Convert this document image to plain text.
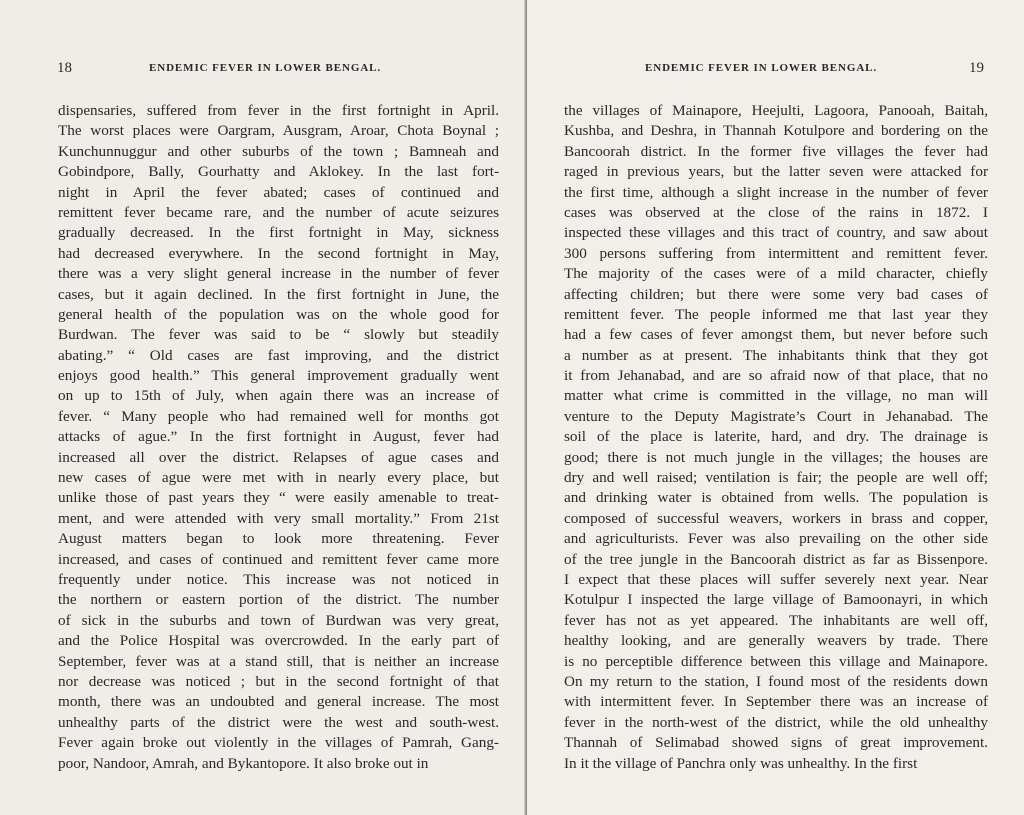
18	ENDEMIC FEVER IN LOWER BENGAL.
dispensaries, suffered from fever in the first fortnight in April.
The worst places were Oargram, Ausgram, Aroar, Chota Boynal ;
Kunchunnuggur and other suburbs of the town ; Bamneah and
Gobindpore, Bally, Gourhatty and Aklokey. In the last fort-
night in April the fever abated; cases of continued and
remittent fever became rare, and the number of acute seizures
gradually decreased. In the first fortnight in May, sickness
had decreased everywhere. In the second fortnight in May,
there was a very slight general increase in the number of fever
cases, but it again declined. In the first fortnight in June, the
general health of the population was on the whole good for
Burdwan. The fever was said to be “ slowly but steadily
abating.” “ Old cases are fast improving, and the district
enjoys good health.” This general improvement gradually went
on up to 15th of July, when again there was an increase of
fever. “ Many people who had remained well for months got
attacks of ague.” In the first fortnight in August, fever had
increased all over the district. Relapses of ague cases and
new cases of ague were met with in nearly every place, but
unlike those of past years they “ were easily amenable to treat-
ment, and were attended with very small mortality.” From 21st
August matters began to look more threatening. Fever
increased, and cases of continued and remittent fever came more
frequently under notice. This increase was not noticed in
the northern or eastern portion of the district. The number
of sick in the suburbs and town of Burdwan was very great,
and the Police Hospital was overcrowded. In the early part of
September, fever was at a stand still, that is neither an increase
nor decrease was noticed ; but in the second fortnight of that
month, there was an undoubted and general increase. The most
unhealthy parts of the district were the west and south-west.
Fever again broke out violently in the villages of Pamrah, Gang-
poor, Nandoor, Amrah, and Bykantopore. It also broke out in
ENDEMIC FEVER IN LOWER BENGAL.	19
the villages of Mainapore, Heejulti, Lagoora, Panooah, Baitah,
Kushba, and Deshra, in Thannah Kotulpore and bordering on the
Bancoorah district. In the former five villages the fever had
raged in previous years, but the latter seven were attacked for
the first time, although a slight increase in the number of fever
cases was observed at the close of the rains in 1872. I
inspected these villages and this tract of country, and saw about
300 persons suffering from intermittent and remittent fever.
The majority of the cases were of a mild character, chiefly
affecting children; but there were some very bad cases of
remittent fever. The people informed me that last year they
had a few cases of fever amongst them, but never before such
a number as at present. The inhabitants think that they got
it from Jehanabad, and are so afraid now of that place, that no
matter what crime is committed in the village, no man will
venture to the Deputy Magistrate’s Court in Jehanabad. The
soil of the place is laterite, hard, and dry. The drainage is
good; there is not much jungle in the villages; the houses are
dry and well raised; ventilation is fair; the people are well off;
and drinking water is obtained from wells. The population is
composed of successful weavers, workers in brass and copper,
and agriculturists. Fever was also prevailing on the other side
of the tree jungle in the Bancoorah district as far as Bissenpore.
I expect that these places will suffer severely next year. Near
Kotulpur I inspected the large village of Bamoonayri, in which
fever has not as yet appeared. The inhabitants are well off,
healthy looking, and are generally weavers by trade. There
is no perceptible difference between this village and Mainapore.
On my return to the station, I found most of the residents down
with intermittent fever. In September there was an increase of
fever in the north-west of the district, while the old unhealthy
Thannah of Selimabad showed signs of great improvement.
In it the village of Panchra only was unhealthy. In the first
